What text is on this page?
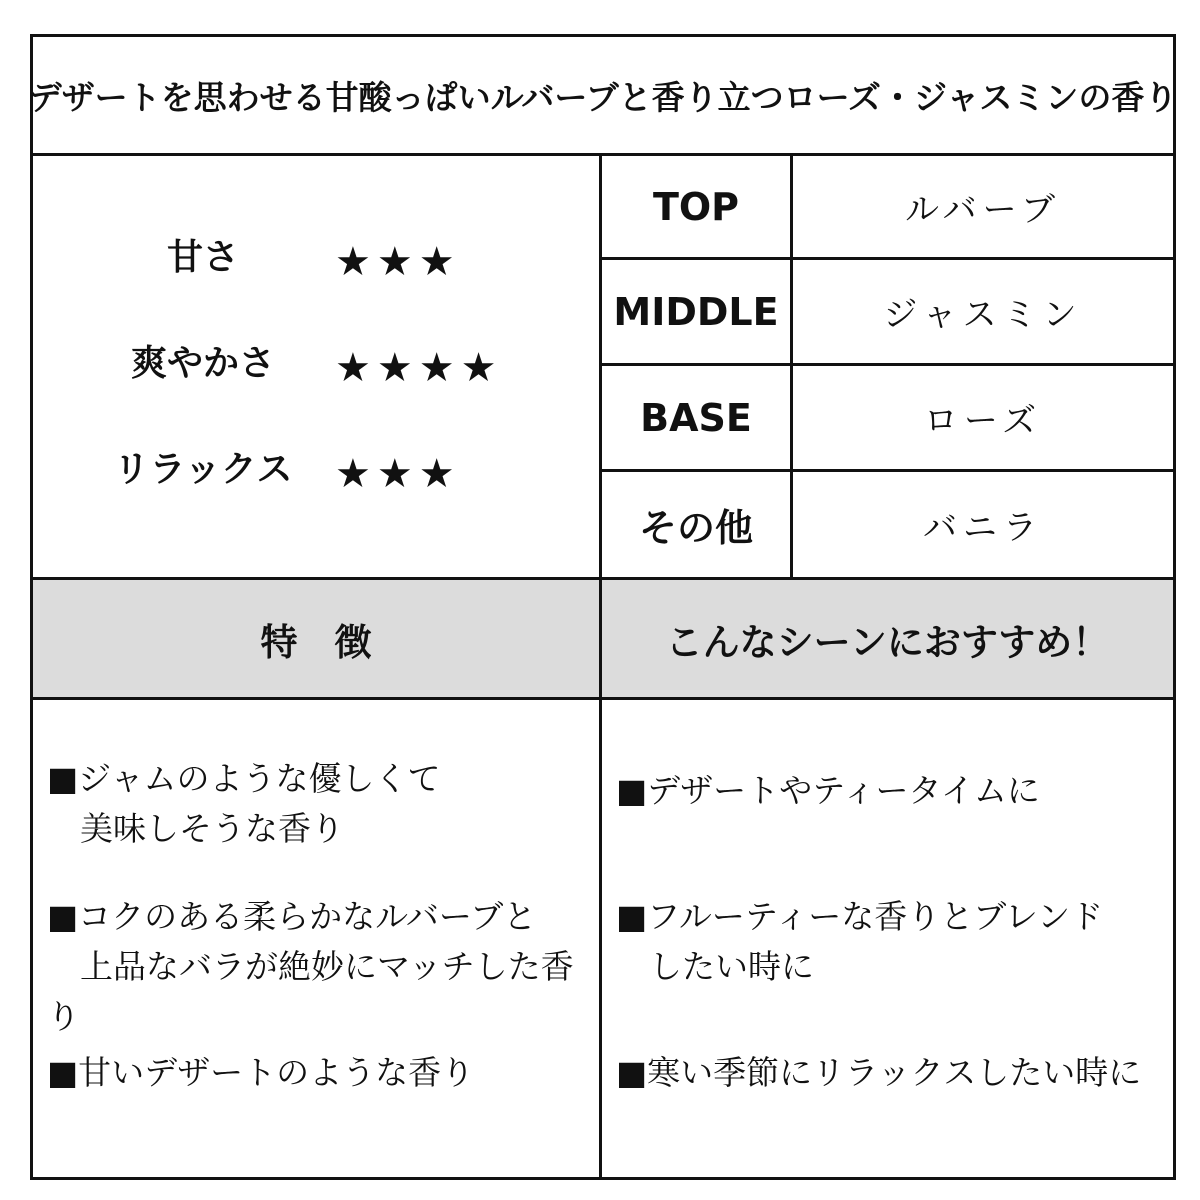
デザートを思わせる甘酸っぱいルバーブと香り立つローズ・ジャスミンの香り
甘さ	★★★
爽やかさ	★★★★
リラックス	★★★
TOP	ルバーブ
MIDDLE	ジャスミン
BASE	ローズ
その他	バニラ
特　徴	こんなシーンにおすすめ！
■ジャムのような優しくて
　美味しそうな香り
■コクのある柔らかなルバーブと
　上品なバラが絶妙にマッチした香り
■甘いデザートのような香り
■デザートやティータイムに
■フルーティーな香りとブレンド
　したい時に
■寒い季節にリラックスしたい時に
